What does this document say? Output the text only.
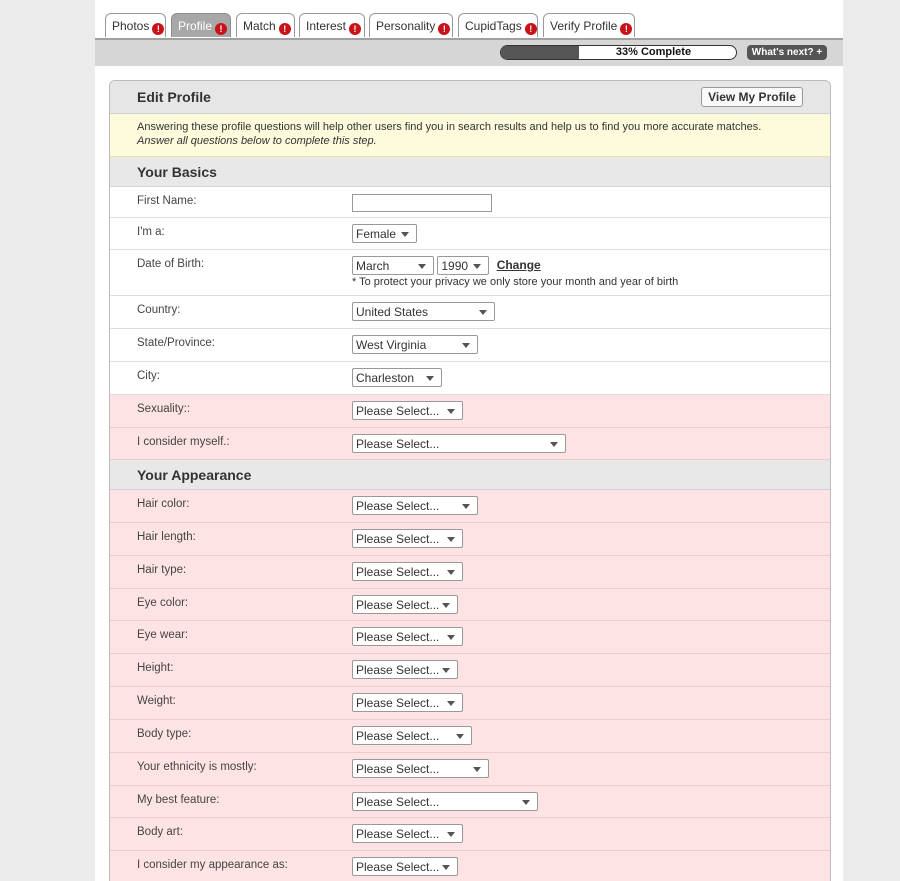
Photos !	Profile !	Match !	Interest !	Personality !	CupidTags !	Verify Profile !
33% Complete	What's next? +
Edit Profile	View My Profile
Answering these profile questions will help other users find you in search results and help us to find you more accurate matches.
Answer all questions below to complete this step.
Your Basics
First Name:
I'm a:	Female
Date of Birth:	March	1990 Change
* To protect your privacy we only store your month and year of birth
Country:	United States
State/Province:	West Virginia
City:	Charleston
Sexuality::	Please Select...
I consider myself.:	Please Select...
Your Appearance
Hair color:	Please Select...
Hair length:	Please Select...
Hair type:	Please Select...
Eye color:	Please Select...
Eye wear:	Please Select...
Height:	Please Select...
Weight:	Please Select...
Body type:	Please Select...
Your ethnicity is mostly:	Please Select...
My best feature:	Please Select...
Body art:	Please Select...
I consider my appearance as:	Please Select...
